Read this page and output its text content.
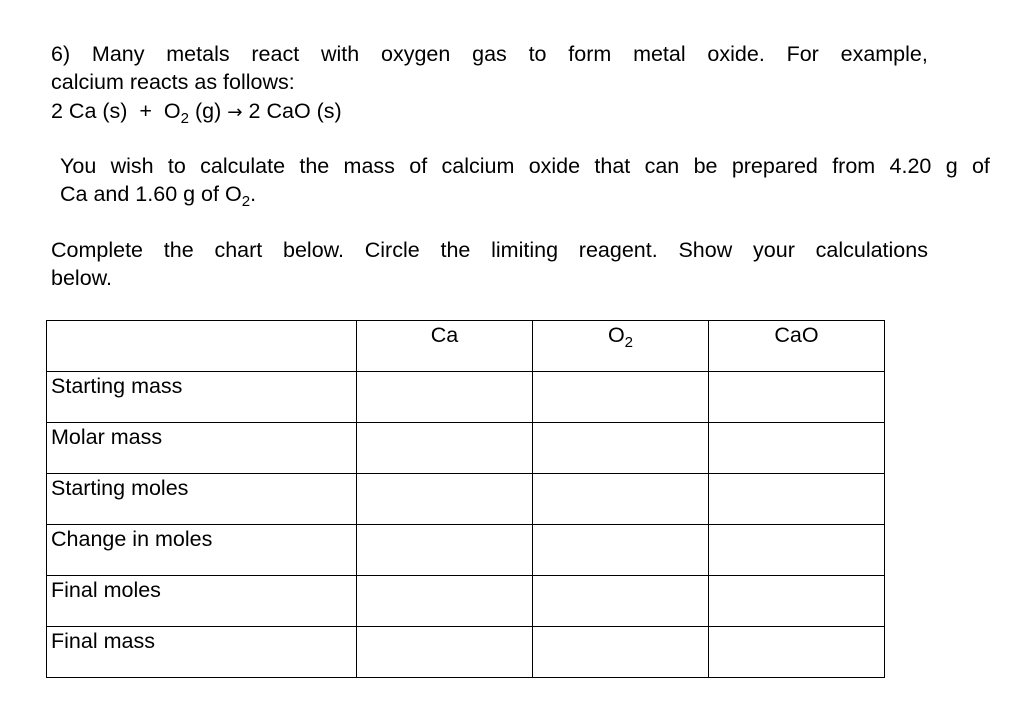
6) Many metals react with oxygen gas to form metal oxide. For example,
calcium reacts as follows:
2 Ca $(s) + O_2$ (g) → 2 CaO (s)
You wish to calculate the mass of calcium oxide that can be prepared from 4.20 g of
Ca and 1.60 g of $O_2$.
Complete the chart below. Circle the limiting reagent. Show your calculations
below.
	Ca	$O_2$	CaO
Starting mass			
Molar mass			
Starting moles			
Change in moles			
Final moles			
Final mass			
